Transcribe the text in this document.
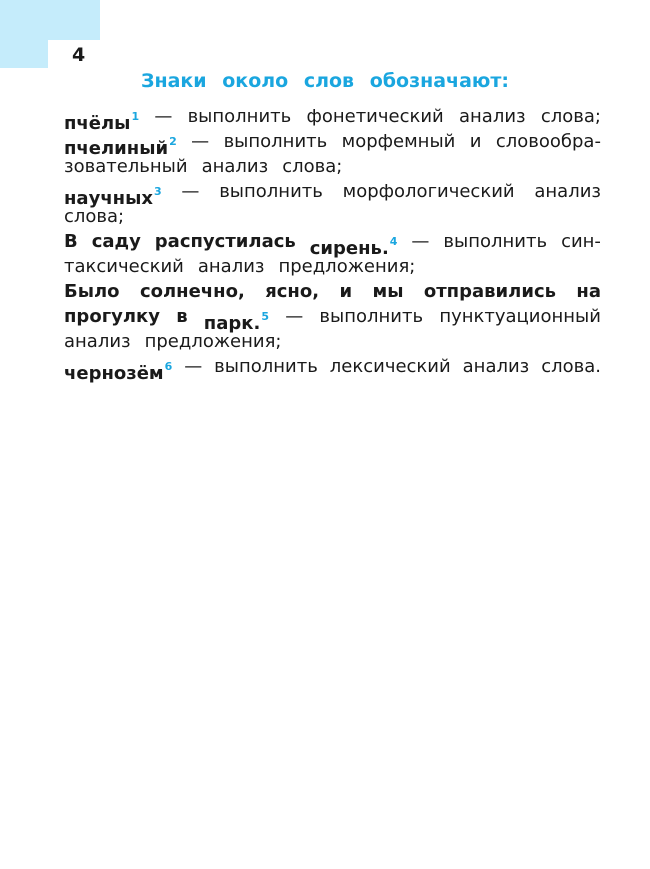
4
Знаки около слов обозначают:
пчёлы$^1$ — выполнить фонетический анализ слова;
пчелиный$^2$ — выполнить морфемный и словообра-
зовательный анализ слова;
научных$^3$ — выполнить морфологический анализ
слова;
В саду распустилась сирень.$^4$ — выполнить син-
таксический анализ предложения;
Было солнечно, ясно, и мы отправились на
прогулку в парк.$^5$ — выполнить пунктуационный
анализ предложения;
чернозём$^6$ — выполнить лексический анализ слова.
